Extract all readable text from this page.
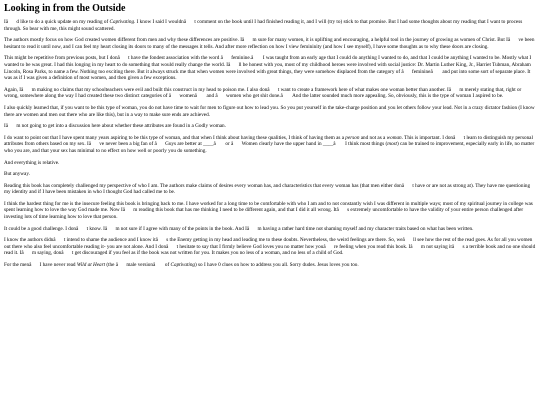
Looking in from the Outside

Iâd like to do a quick update on my reading of Captivating. I know I said I wouldnât comment on the book until I had finished reading it, and I will (try to) stick to that promise. But I had some thoughts about my reading that I want to process through. So bear with me, this might sound scattered.

The authors mostly focus on how God created women different from men and why these differences are positive. Iâm sure for many women, it is uplifting and encouraging, a helpful tool in the journey of growing as women of Christ. But Iâve been hesitant to read it until now, and I can feel my heart closing its doors to many of the messages it tells. And after more reflection on how I view femininity (and how I see myself), I have some thoughts as to why these doors are closing.

This might be repetitive from previous posts, but I donât have the fondest association with the word âfeminine.â I was taught from an early age that I could do anything I wanted to do, and that I could be anything I wanted to be. Mostly what I wanted to be was great. I had this longing in my heart to do something that would really change the world. Iâll be honest with you, most of my childhood heroes were involved with social justice: Dr. Martin Luther King, Jr., Harriet Tubman, Abraham Lincoln, Rosa Parks, to name a few. Nothing too exciting there. But it always struck me that when women were involved with great things, they were somehow displaced from the category of âfeminineâ and put into some sort of separate place. It was as if I was given a definition of most women, and then given a few exceptions.

Again, Iâm making no claims that my schoolteachers were evil and built this construct in my head to poison me. I also donât want to create a framework here of what makes one woman better than another. Iâm merely stating that, right or wrong, somewhere along the way I had created these two distinct categories of âwomenâ and âwomen who get shit done.â And the latter sounded much more appealing. So, obviously, this is the type of woman I aspired to be.

I also quickly learned that, if you want to be this type of woman, you do not have time to wait for men to figure out how to lead you. So you put yourself in the take-charge position and you let others follow your lead. Not in a crazy dictator fashion (I know there are women and men out there who are like this), but in a way to make sure ends are achieved.

Iâm not going to get into a discussion here about whether these attributes are found in a Godly woman.

I do want to point out that I have spent many years aspiring to be this type of woman, and that when I think about having these qualities, I think of having them as a person and not as a woman. This is important. I donât learn to distinguish my personal attributes from others based on my sex. Iâve never been a big fan of âGuys are better at ____â or âWomen clearly have the upper hand in ____â I think most things (most) can be trained to improvement, especially early in life, no matter who you are, and that your sex has minimal to no effect on how well or poorly you do something.

And everything is relative.

But anyway.

Reading this book has completely challenged my perspective of who I am. The authors make claims of desires every woman has, and characteristics that every woman has (that men either donât have or are not as strong at). They have me questioning my identity and if I have been mistaken in who I thought God had called me to be.

I think the hardest thing for me is the insecure feeling this book is bringing back to me. I have worked for a long time to be comfortable with who I am and to not constantly wish I was different in multiple ways; most of my spiritual journey in college was spent learning how to love the way God made me. Now Iâm reading this book that has me thinking I need to be different again, and that I did it all wrong. Itâs extremely uncomfortable to have the validity of your entire person challenged after investing lots of time learning how to love that person.

It could be a good challenge. I donât know. Iâm not sure if I agree with many of the points in the book. And Iâm having a rather hard time not shaming myself and my character traits based on what has been written.

I know the authors didnât intend to shame the audience and I know itâs the Enemy getting in my head and leading me to these doubts. Nevertheless, the weird feelings are there. So, weâll see how the rest of the read goes. As for all you women out there who also feel uncomfortable reading it- you are not alone. And I donât hesitate to say that I firmly believe God loves you no matter how youâre feeling when you read this book. Iâm not saying itâs a terrible book and no one should read it. Iâm saying, donât get discouraged if you feel as if the book was not written for you. It makes you no less of a woman, and no less of a child of God.

For the menâI have never read Wild at Heart (the âmale versionâ of Captivating) so I have 0 clues on how to address you all. Sorry dudes. Jesus loves you too.
